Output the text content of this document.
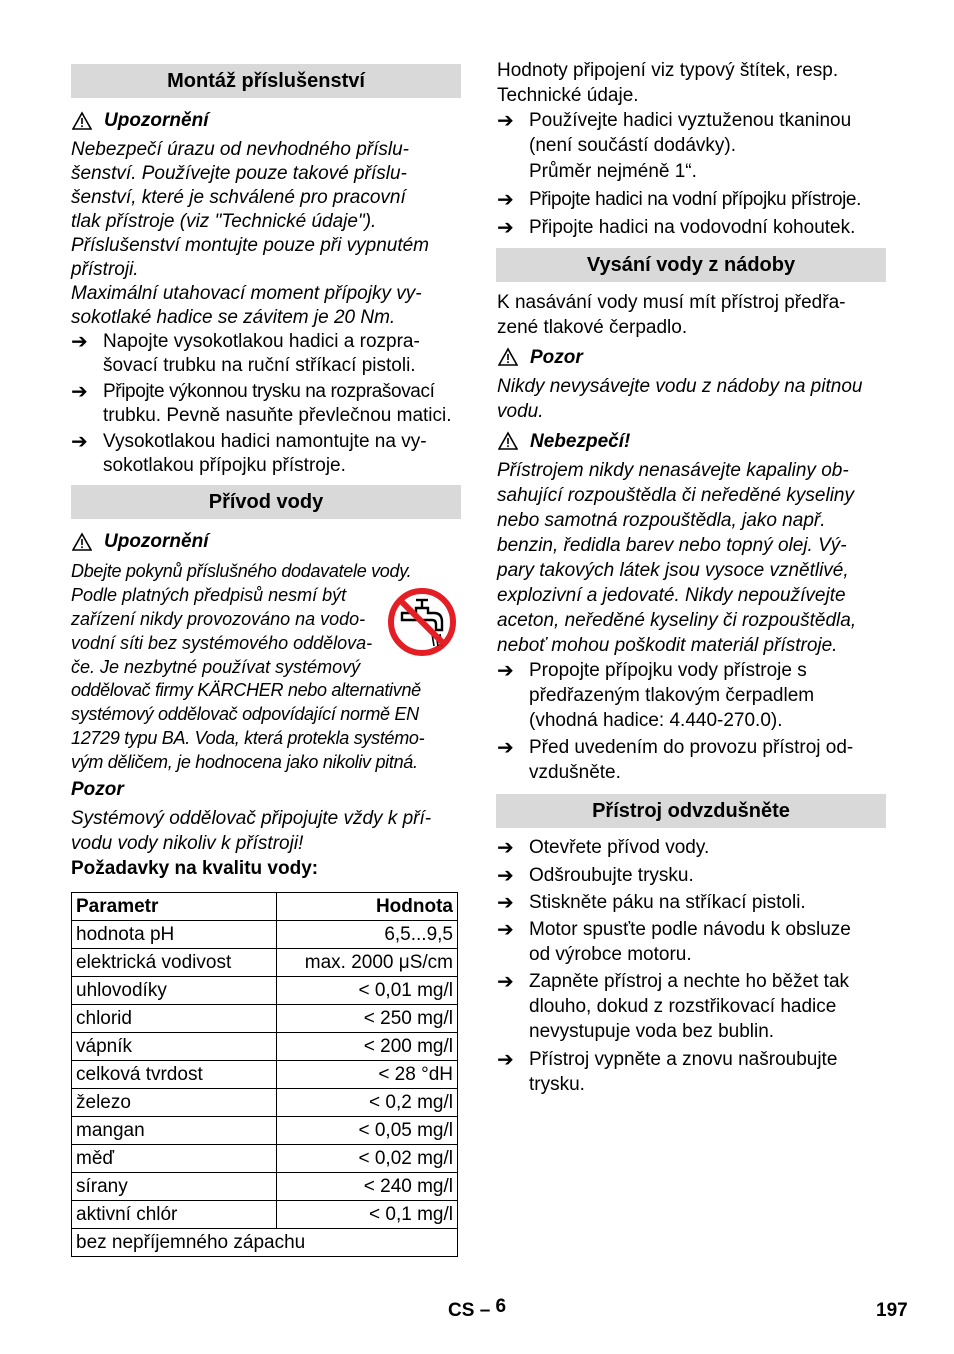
Montáž příslušenství
Upozornění
Nebezpečí úrazu od nevhodného příslu-
šenství. Používejte pouze takové příslu-
šenství, které je schválené pro pracovní
tlak přístroje (viz "Technické údaje").
Příslušenství montujte pouze při vypnutém
přístroji.
Maximální utahovací moment přípojky vy-
sokotlaké hadice se závitem je 20 Nm.
➔ Napojte vysokotlakou hadici a rozpra-
šovací trubku na ruční stříkací pistoli.
➔ Připojte výkonnou trysku na rozprašovací
trubku. Pevně nasuňte převlečnou matici.
➔ Vysokotlakou hadici namontujte na vy-
sokotlakou přípojku přístroje.
Přívod vody
Upozornění
Dbejte pokynů příslušného dodavatele vody.
Podle platných předpisů nesmí být
zařízení nikdy provozováno na vodo-
vodní síti bez systémového oddělova-
če. Je nezbytné používat systémový
oddělovač firmy KÄRCHER nebo alternativně
systémový oddělovač odpovídající normě EN
12729 typu BA. Voda, která protekla systémo-
vým děličem, je hodnocena jako nikoliv pitná.
Pozor
Systémový oddělovač připojujte vždy k pří-
vodu vody nikoliv k přístroji!
Požadavky na kvalitu vody:
Parametr	Hodnota
hodnota pH	6,5...9,5
elektrická vodivost	max. 2000 μS/cm
uhlovodíky	< 0,01 mg/l
chlorid	< 250 mg/l
vápník	< 200 mg/l
celková tvrdost	< 28 °dH
železo	< 0,2 mg/l
mangan	< 0,05 mg/l
měď	< 0,02 mg/l
sírany	< 240 mg/l
aktivní chlór	< 0,1 mg/l
bez nepříjemného zápachu	
Hodnoty připojení viz typový štítek, resp.
Technické údaje.
➔ Používejte hadici vyztuženou tkaninou
(není součástí dodávky).
Průměr nejméně 1“.
➔ Připojte hadici na vodní přípojku přístroje.
➔ Připojte hadici na vodovodní kohoutek.
Vysání vody z nádoby
K nasávání vody musí mít přístroj předřa-
zené tlakové čerpadlo.
Pozor
Nikdy nevysávejte vodu z nádoby na pitnou
vodu.
Nebezpečí!
Přístrojem nikdy nenasávejte kapaliny ob-
sahující rozpouštědla či neředěné kyseliny
nebo samotná rozpouštědla, jako např.
benzin, ředidla barev nebo topný olej. Vý-
pary takových látek jsou vysoce vznětlivé,
explozivní a jedovaté. Nikdy nepoužívejte
aceton, neředěné kyseliny či rozpouštědla,
neboť mohou poškodit materiál přístroje.
➔ Propojte přípojku vody přístroje s
předřazeným tlakovým čerpadlem
(vhodná hadice: 4.440-270.0).
➔ Před uvedením do provozu přístroj od-
vzdušněte.
Přístroj odvzdušněte
➔ Otevřete přívod vody.
➔ Odšroubujte trysku.
➔ Stiskněte páku na stříkací pistoli.
➔ Motor spusťte podle návodu k obsluze
od výrobce motoru.
➔ Zapněte přístroj a nechte ho běžet tak
dlouho, dokud z rozstřikovací hadice
nevystupuje voda bez bublin.
➔ Přístroj vypněte a znovu našroubujte
trysku.
CS – 6	197
